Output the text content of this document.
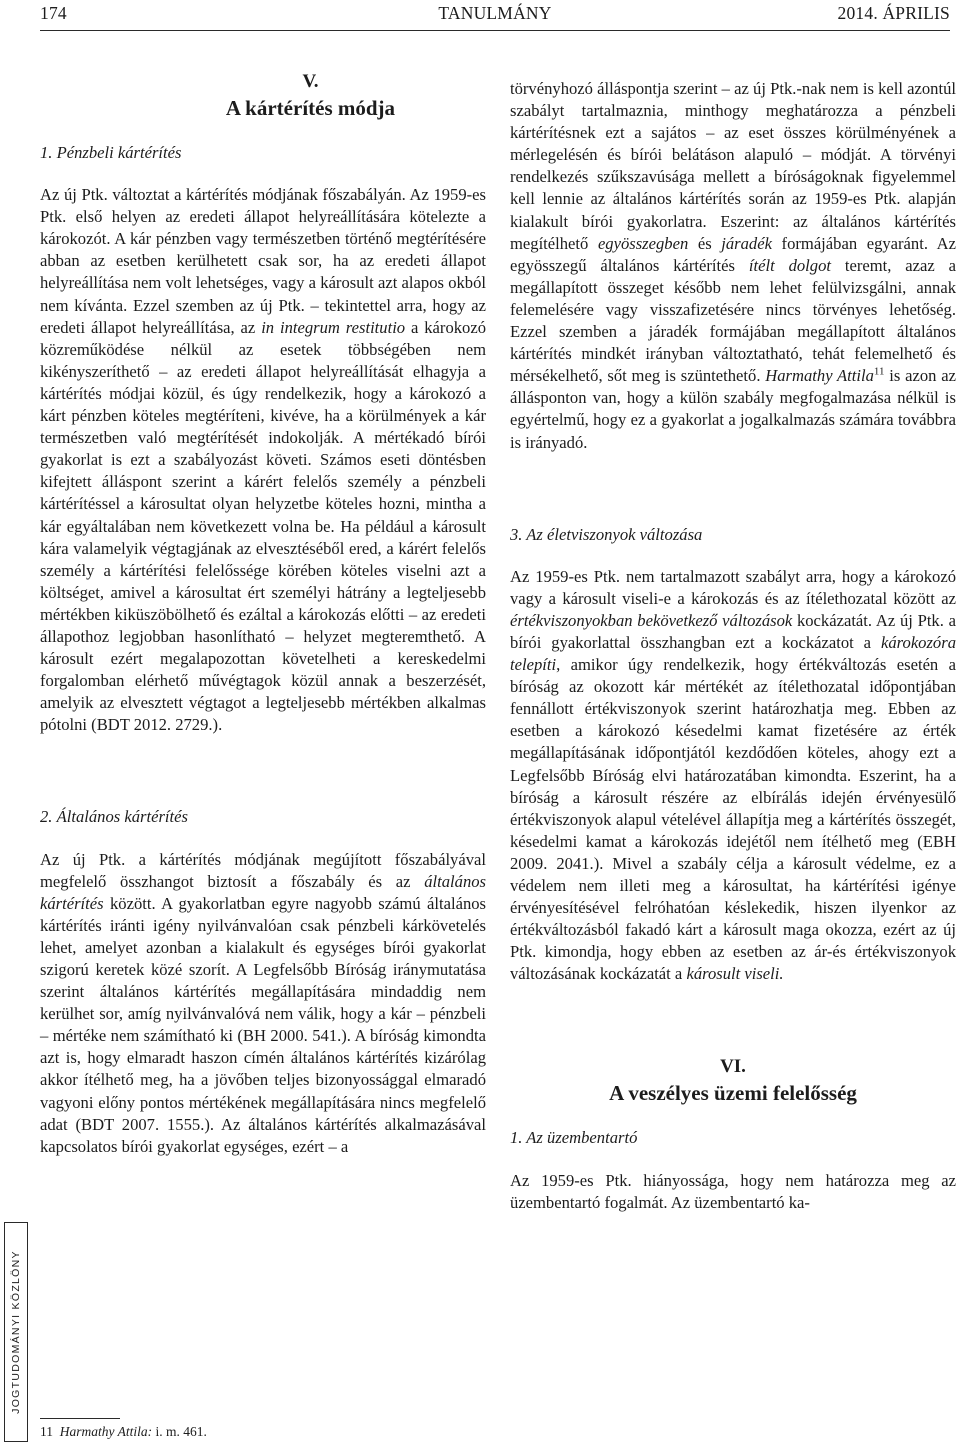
174	TANULMÁNY	2014. ÁPRILIS
JOGTUDOMÁNYI KÖZLÖNY

V.

A kártérítés módja

1. Pénzbeli kártérítés

Az új Ptk. változtat a kártérítés módjának főszabályán. Az 1959-es Ptk. első helyen az eredeti állapot helyreállítására kötelezte a károkozót. A kár pénzben vagy természetben történő megtérítésére abban az esetben kerülhetett csak sor, ha az eredeti állapot helyreállítása nem volt lehetséges, vagy a károsult azt alapos okból nem kívánta. Ezzel szemben az új Ptk. – tekintettel arra, hogy az eredeti állapot helyreállítása, az in integrum restitutio a károkozó közreműködése nélkül az esetek többségében nem kikényszeríthető – az eredeti állapot helyreállítását elhagyja a kártérítés módjai közül, és úgy rendelkezik, hogy a károkozó a kárt pénzben köteles megtéríteni, kivéve, ha a körülmények a kár természetben való megtérítését indokolják. A mértékadó bírói gyakorlat is ezt a szabályozást követi. Számos eseti döntésben kifejtett álláspont szerint a kárért felelős személy a pénzbeli kártérítéssel a károsultat olyan helyzetbe köteles hozni, mintha a kár egyáltalában nem következett volna be. Ha például a károsult kára valamelyik végtagjának az elvesztéséből ered, a kárért felelős személy a kártérítési felelőssége körében köteles viselni azt a költséget, amivel a károsultat ért személyi hátrány a legteljesebb mértékben kiküszöbölhető és ezáltal a károkozás előtti – az eredeti állapothoz legjobban hasonlítható – helyzet megteremthető. A károsult ezért megalapozottan követelheti a kereskedelmi forgalomban elérhető művégtagok közül annak a beszerzését, amelyik az elvesztett végtagot a legteljesebb mértékben alkalmas pótolni (BDT 2012. 2729.).

2. Általános kártérítés

Az új Ptk. a kártérítés módjának megújított főszabályával megfelelő összhangot biztosít a főszabály és az általános kártérítés között. A gyakorlatban egyre nagyobb számú általános kártérítés iránti igény nyilvánvalóan csak pénzbeli kárkövetelés lehet, amelyet azonban a kialakult és egységes bírói gyakorlat szigorú keretek közé szorít. A Legfelsőbb Bíróság iránymutatása szerint általános kártérítés megállapítására mindaddig nem kerülhet sor, amíg nyilvánvalóvá nem válik, hogy a kár – pénzbeli – mértéke nem számítható ki (BH 2000. 541.). A bíróság kimondta azt is, hogy elmaradt haszon címén általános kártérítés kizárólag akkor ítélhető meg, ha a jövőben teljes bizonyossággal elmaradó vagyoni előny pontos mértékének megállapítására nincs megfelelő adat (BDT 2007. 1555.). Az általános kártérítés alkalmazásával kapcsolatos bírói gyakorlat egységes, ezért – a

törvényhozó álláspontja szerint – az új Ptk.-nak nem is kell azontúl szabályt tartalmaznia, minthogy meghatározza a pénzbeli kártérítésnek ezt a sajátos – az eset összes körülményének a mérlegelésén és bírói belátáson alapuló – módját. A törvényi rendelkezés szűkszavúsága mellett a bíróságoknak figyelemmel kell lennie az általános kártérítés során az 1959-es Ptk. alapján kialakult bírói gyakorlatra. Eszerint: az általános kártérítés megítélhető egyösszegben és járadék formájában egyaránt. Az egyösszegű általános kártérítés ítélt dolgot teremt, azaz a megállapított összeget később nem lehet felülvizsgálni, annak felemelésére vagy visszafizetésére nincs törvényes lehetőség. Ezzel szemben a járadék formájában megállapított általános kártérítés mindkét irányban változtatható, tehát felemelhető és mérsékelhető, sőt meg is szüntethető. Harmathy Attila$^{11}$ is azon az állásponton van, hogy a külön szabály megfogalmazása nélkül is egyértelmű, hogy ez a gyakorlat a jogalkalmazás számára továbbra is irányadó.

3. Az életviszonyok változása

Az 1959-es Ptk. nem tartalmazott szabályt arra, hogy a károkozó vagy a károsult viseli-e a károkozás és az ítélethozatal között az értékviszonyokban bekövetkező változások kockázatát. Az új Ptk. a bírói gyakorlattal összhangban ezt a kockázatot a károkozóra telepíti, amikor úgy rendelkezik, hogy értékváltozás esetén a bíróság az okozott kár mértékét az ítélethozatal időpontjában fennállott értékviszonyok szerint határozhatja meg. Ebben az esetben a károkozó késedelmi kamat fizetésére az érték megállapításának időpontjától kezdődően köteles, ahogy ezt a Legfelsőbb Bíróság elvi határozatában kimondta. Eszerint, ha a bíróság a károsult részére az elbírálás idején érvényesülő értékviszonyok alapul vételével állapítja meg a kártérítés összegét, késedelmi kamat a károkozás idejétől nem ítélhető meg (EBH 2009. 2041.). Mivel a szabály célja a károsult védelme, ez a védelem nem illeti meg a károsultat, ha kártérítési igénye érvényesítésével felróhatóan késlekedik, hiszen ilyenkor az értékváltozásból fakadó kárt a károsult maga okozza, ezért az új Ptk. kimondja, hogy ebben az esetben az ár-és értékviszonyok változásának kockázatát a károsult viseli.

VI.

A veszélyes üzemi felelősség

1. Az üzembentartó

Az 1959-es Ptk. hiányossága, hogy nem határozza meg az üzembentartó fogalmát. Az üzembentartó ka-

11 Harmathy Attila: i. m. 461.
